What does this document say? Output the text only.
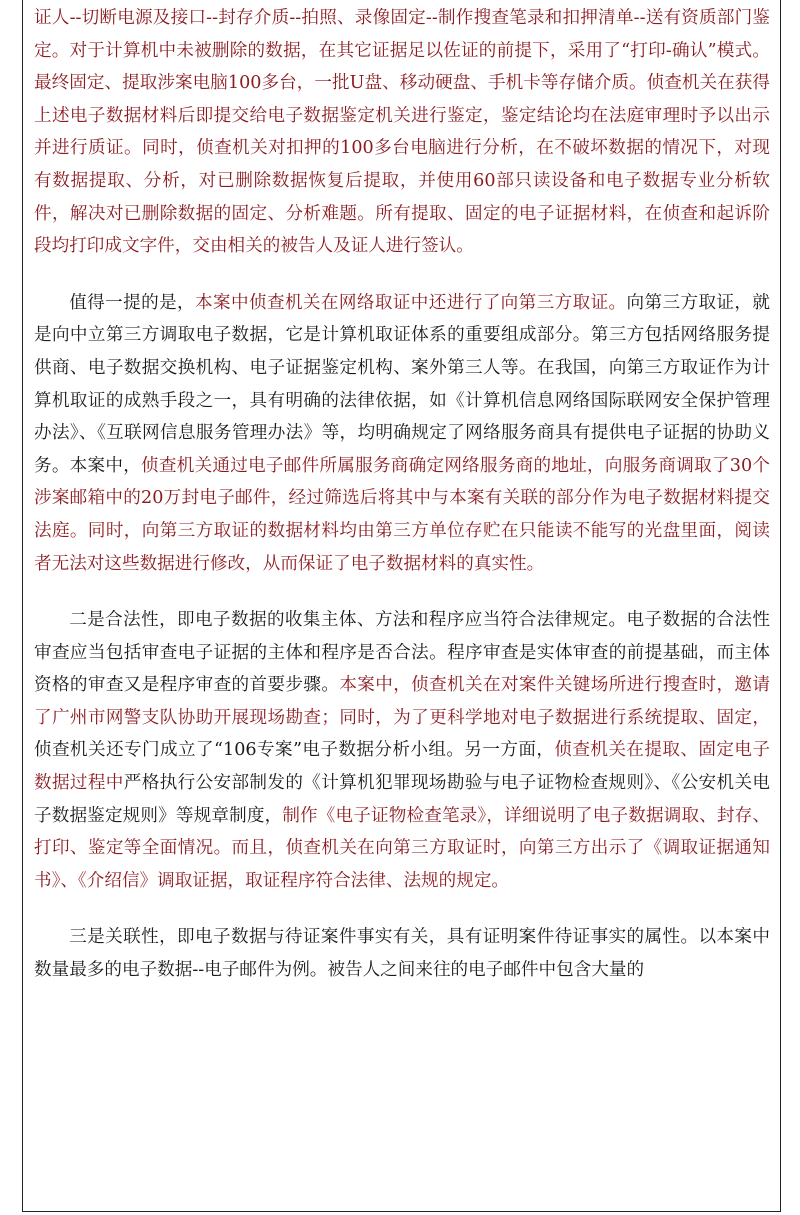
证人--切断电源及接口--封存介质--拍照、录像固定--制作搜查笔录和扣押清单--送有资质部门鉴定。对于计算机中未被删除的数据，在其它证据足以佐证的前提下，采用了“打印-确认”模式。最终固定、提取涉案电脑100多台，一批U盘、移动硬盘、手机卡等存储介质。侦查机关在获得上述电子数据材料后即提交给电子数据鉴定机关进行鉴定，鉴定结论均在法庭审理时予以出示并进行质证。同时，侦查机关对扣押的100多台电脑进行分析，在不破坏数据的情况下，对现有数据提取、分析，对已删除数据恢复后提取，并使用60部只读设备和电子数据专业分析软件，解决对已删除数据的固定、分析难题。所有提取、固定的电子证据材料，在侦查和起诉阶段均打印成文字件，交由相关的被告人及证人进行签认。

值得一提的是，本案中侦查机关在网络取证中还进行了向第三方取证。向第三方取证，就是向中立第三方调取电子数据，它是计算机取证体系的重要组成部分。第三方包括网络服务提供商、电子数据交换机构、电子证据鉴定机构、案外第三人等。在我国，向第三方取证作为计算机取证的成熟手段之一，具有明确的法律依据，如《计算机信息网络国际联网安全保护管理办法》、《互联网信息服务管理办法》等，均明确规定了网络服务商具有提供电子证据的协助义务。本案中，侦查机关通过电子邮件所属服务商确定网络服务商的地址，向服务商调取了30个涉案邮箱中的20万封电子邮件，经过筛选后将其中与本案有关联的部分作为电子数据材料提交法庭。同时，向第三方取证的数据材料均由第三方单位存贮在只能读不能写的光盘里面，阅读者无法对这些数据进行修改，从而保证了电子数据材料的真实性。

二是合法性，即电子数据的收集主体、方法和程序应当符合法律规定。电子数据的合法性审查应当包括审查电子证据的主体和程序是否合法。程序审查是实体审查的前提基础，而主体资格的审查又是程序审查的首要步骤。本案中，侦查机关在对案件关键场所进行搜查时，邀请了广州市网警支队协助开展现场勘查；同时，为了更科学地对电子数据进行系统提取、固定，侦查机关还专门成立了“106专案”电子数据分析小组。另一方面，侦查机关在提取、固定电子数据过程中严格执行公安部制发的《计算机犯罪现场勘验与电子证物检查规则》、《公安机关电子数据鉴定规则》等规章制度，制作《电子证物检查笔录》，详细说明了电子数据调取、封存、打印、鉴定等全面情况。而且，侦查机关在向第三方取证时，向第三方出示了《调取证据通知书》、《介绍信》调取证据，取证程序符合法律、法规的规定。

三是关联性，即电子数据与待证案件事实有关，具有证明案件待证事实的属性。以本案中数量最多的电子数据--电子邮件为例。被告人之间来往的电子邮件中包含大量的
